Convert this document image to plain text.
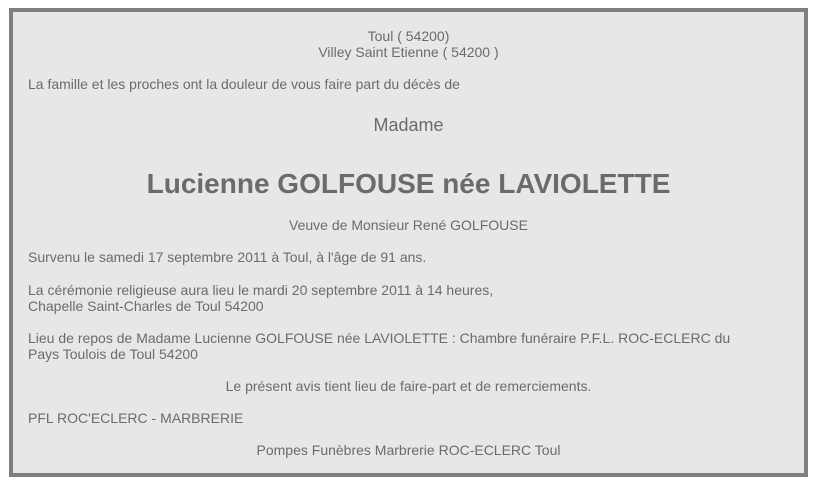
Toul ( 54200)
Villey Saint Etienne ( 54200 )
La famille et les proches ont la douleur de vous faire part du décès de
Madame
Lucienne GOLFOUSE née LAVIOLETTE
Veuve de Monsieur René GOLFOUSE
Survenu le samedi 17 septembre 2011 à Toul, à l'âge de 91 ans.
La cérémonie religieuse aura lieu le mardi 20 septembre 2011 à 14 heures,
Chapelle Saint-Charles de Toul 54200
Lieu de repos de Madame Lucienne GOLFOUSE née LAVIOLETTE : Chambre funéraire P.F.L. ROC-ECLERC du
Pays Toulois de Toul 54200
Le présent avis tient lieu de faire-part et de remerciements.
PFL ROC'ECLERC - MARBRERIE
Pompes Funèbres Marbrerie ROC-ECLERC Toul
